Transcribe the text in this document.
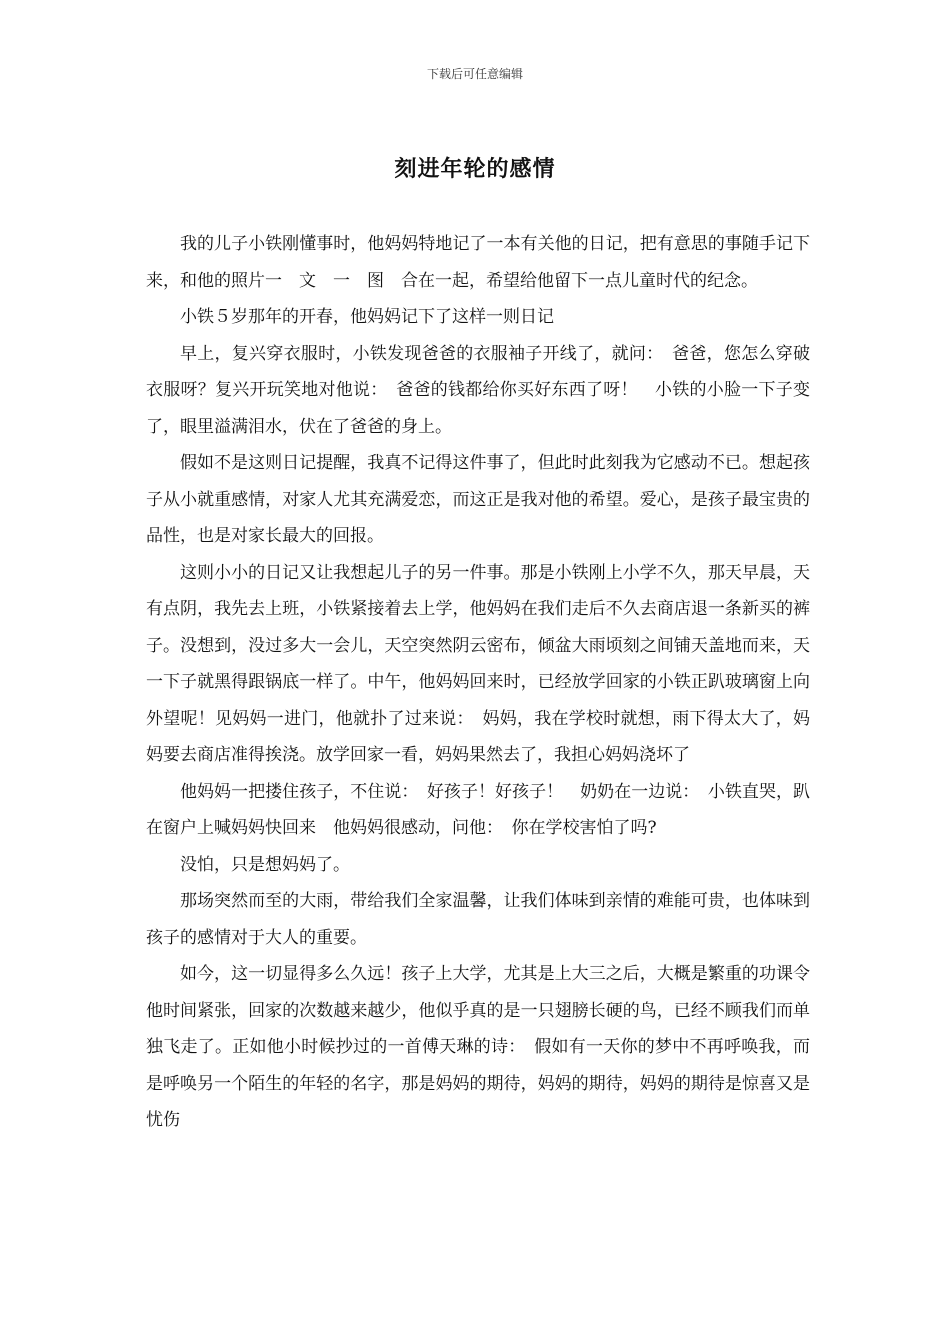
下载后可任意编辑
刻进年轮的感情

我的儿子小铁刚懂事时，他妈妈特地记了一本有关他的日记，把有意思的事随手记下来，和他的照片一　文　一　图　合在一起，希望给他留下一点儿童时代的纪念。

小铁５岁那年的开春，他妈妈记下了这样一则日记

早上，复兴穿衣服时，小铁发现爸爸的衣服袖子开线了，就问：　爸爸，您怎么穿破衣服呀？复兴开玩笑地对他说：　爸爸的钱都给你买好东西了呀！　小铁的小脸一下子变了，眼里溢满泪水，伏在了爸爸的身上。

假如不是这则日记提醒，我真不记得这件事了，但此时此刻我为它感动不已。想起孩子从小就重感情，对家人尤其充满爱恋，而这正是我对他的希望。爱心，是孩子最宝贵的品性，也是对家长最大的回报。

这则小小的日记又让我想起儿子的另一件事。那是小铁刚上小学不久，那天早晨，天有点阴，我先去上班，小铁紧接着去上学，他妈妈在我们走后不久去商店退一条新买的裤子。没想到，没过多大一会儿，天空突然阴云密布，倾盆大雨顷刻之间铺天盖地而来，天一下子就黑得跟锅底一样了。中午，他妈妈回来时，已经放学回家的小铁正趴玻璃窗上向外望呢！见妈妈一进门，他就扑了过来说：　妈妈，我在学校时就想，雨下得太大了，妈妈要去商店准得挨浇。放学回家一看，妈妈果然去了，我担心妈妈浇坏了

他妈妈一把搂住孩子，不住说：　好孩子！好孩子！　奶奶在一边说：　小铁直哭，趴在窗户上喊妈妈快回来　他妈妈很感动，问他：　你在学校害怕了吗?

没怕，只是想妈妈了。

那场突然而至的大雨，带给我们全家温馨，让我们体味到亲情的难能可贵，也体味到孩子的感情对于大人的重要。

如今，这一切显得多么久远！孩子上大学，尤其是上大三之后，大概是繁重的功课令他时间紧张，回家的次数越来越少，他似乎真的是一只翅膀长硬的鸟，已经不顾我们而单独飞走了。正如他小时候抄过的一首傅天琳的诗：　假如有一天你的梦中不再呼唤我，而是呼唤另一个陌生的年轻的名字，那是妈妈的期待，妈妈的期待，妈妈的期待是惊喜又是忧伤
